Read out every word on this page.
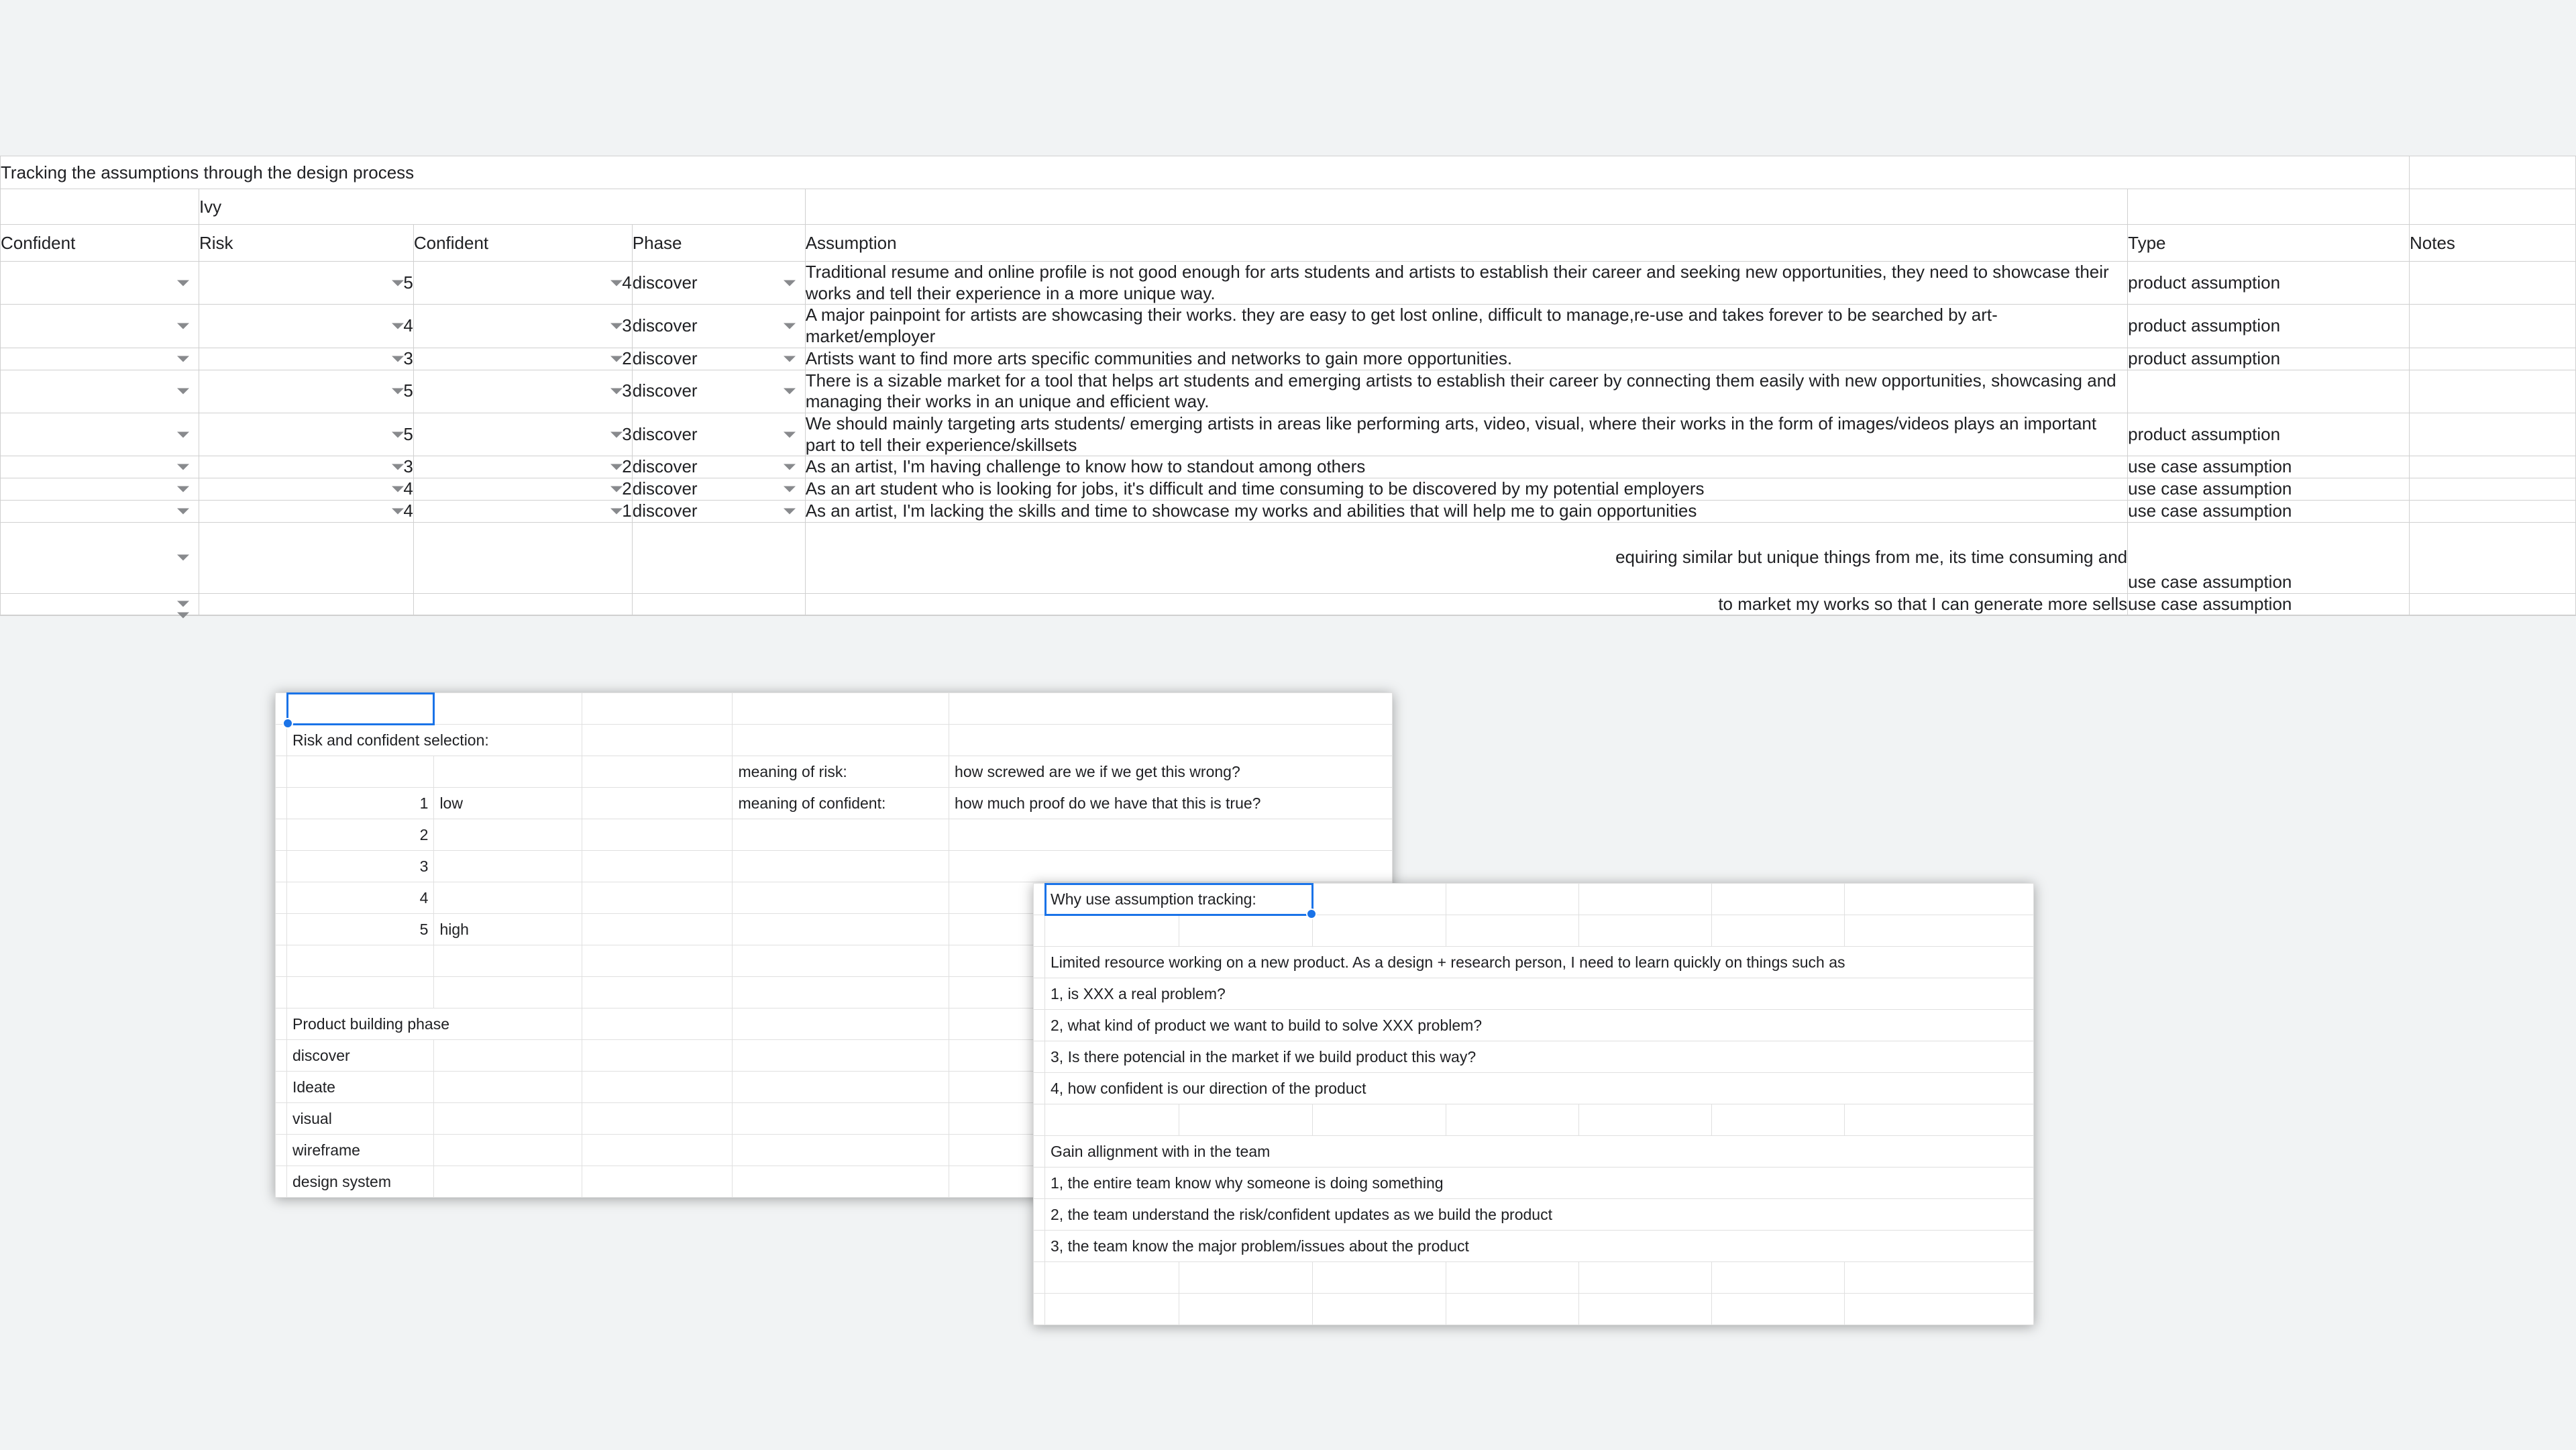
Tracking the assumptions through the design process						
	Ivy					
Confident	Risk	Confident	Phase	Assumption	Type	Notes

	5	4	discover	Traditional resume and online profile is not good enough for arts students and artists to establish their career and seeking new opportunities, they need to showcase their works and tell their experience in a more unique way.	product assumption	

	4	3	discover	A major painpoint for artists are showcasing their works. they are easy to get lost online, difficult to manage,re-use and takes forever to be searched by art-market/employer	product assumption	

	3	2	discover	Artists want to find more arts specific communities and networks to gain more opportunities.	product assumption	

	5	3	discover	There is a sizable market for a tool that helps art students and emerging artists to establish their career by connecting them easily with new opportunities, showcasing and managing their works in an unique and efficient way.		

	5	3	discover	We should mainly targeting arts students/ emerging artists in areas like performing arts, video, visual, where their works in the form of images/videos plays an important part to tell their experience/skillsets	product assumption	

	3	2	discover	As an artist, I'm having challenge to know how to standout among others	use case assumption	

	4	2	discover	As an art student who is looking for jobs, it's difficult and time consuming to be discovered by my potential employers	use case assumption	

	4	1	discover	As an artist, I'm lacking the skills and time to showcase my works and abilities that will help me to gain opportunities	use case assumption	

				equiring similar but unique things from me, its time consuming and	use case assumption	

				to market my works so that I can generate more sells	use case assumption	

	Risk and confident selection:				
				meaning of risk:	how screwed are we if we get this wrong?
	1	low		meaning of confident:	how much proof do we have that this is true?
	2				
	3				
	4				
	5	high			

	Product building phase				
	discover				
	Ideate				
	visual				
	wireframe				
	design system				
	Why use assumption tracking:	

	Limited resource working on a new product. As a design + research person, I need to learn quickly on things such as						
	1, is XXX a real problem?						
	2, what kind of product we want to build to solve XXX problem?						
	3, Is there potencial in the market if we build product this way?						
	4, how confident is our direction of the product						

	Gain allignment with in the team						
	1, the entire team know why someone is doing something						
	2, the team understand the risk/confident updates as we build the product						
	3, the team know the major problem/issues about the product						
